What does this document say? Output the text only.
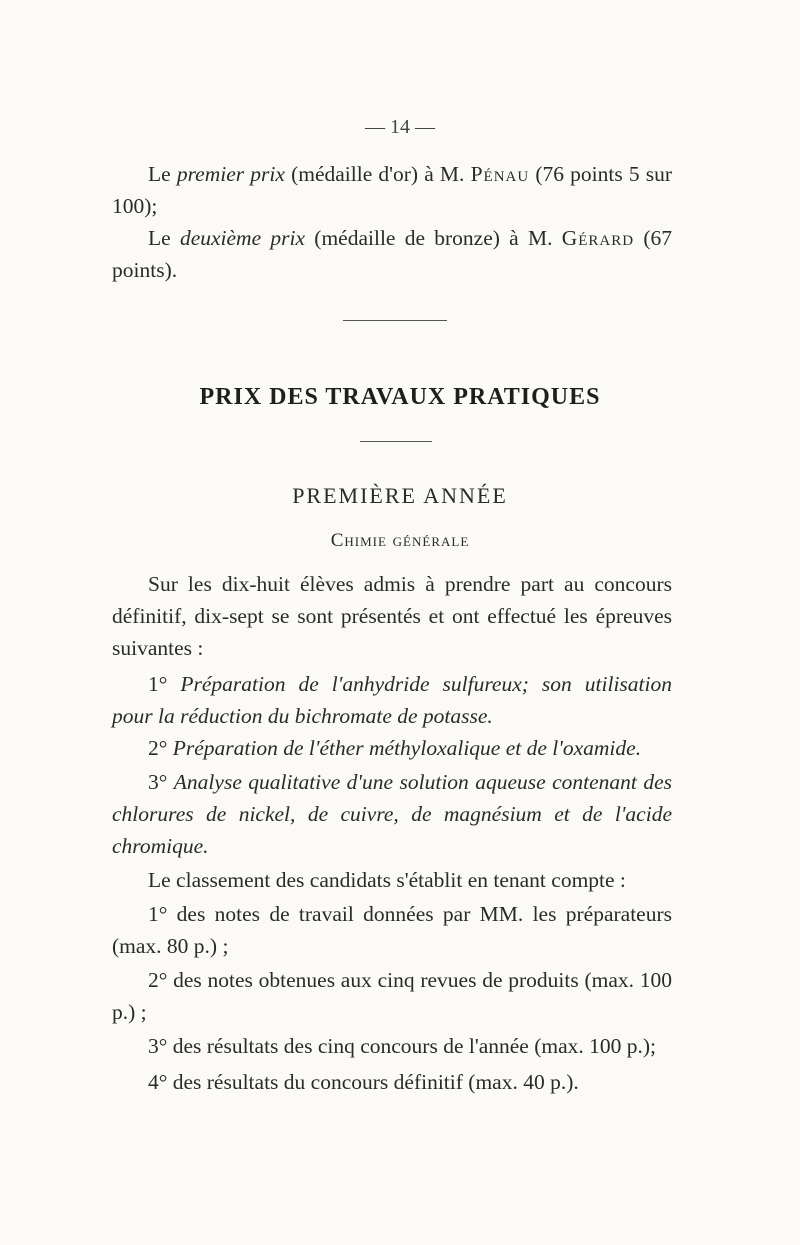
— 14 —

Le premier prix (médaille d'or) à M. Pénau (76 points 5 sur 100);

Le deuxième prix (médaille de bronze) à M. Gérard (67 points).

PRIX DES TRAVAUX PRATIQUES
PREMIÈRE ANNÉE
Chimie générale

Sur les dix-huit élèves admis à prendre part au concours définitif, dix-sept se sont présentés et ont effectué les épreuves suivantes :

1° Préparation de l'anhydride sulfureux; son utilisation pour la réduction du bichromate de potasse.

2° Préparation de l'éther méthyloxalique et de l'oxamide.

3° Analyse qualitative d'une solution aqueuse contenant des chlorures de nickel, de cuivre, de magnésium et de l'acide chromique.

Le classement des candidats s'établit en tenant compte :

1° des notes de travail données par MM. les préparateurs (max. 80 p.) ;

2° des notes obtenues aux cinq revues de produits (max. 100 p.) ;

3° des résultats des cinq concours de l'année (max. 100 p.);

4° des résultats du concours définitif (max. 40 p.).
